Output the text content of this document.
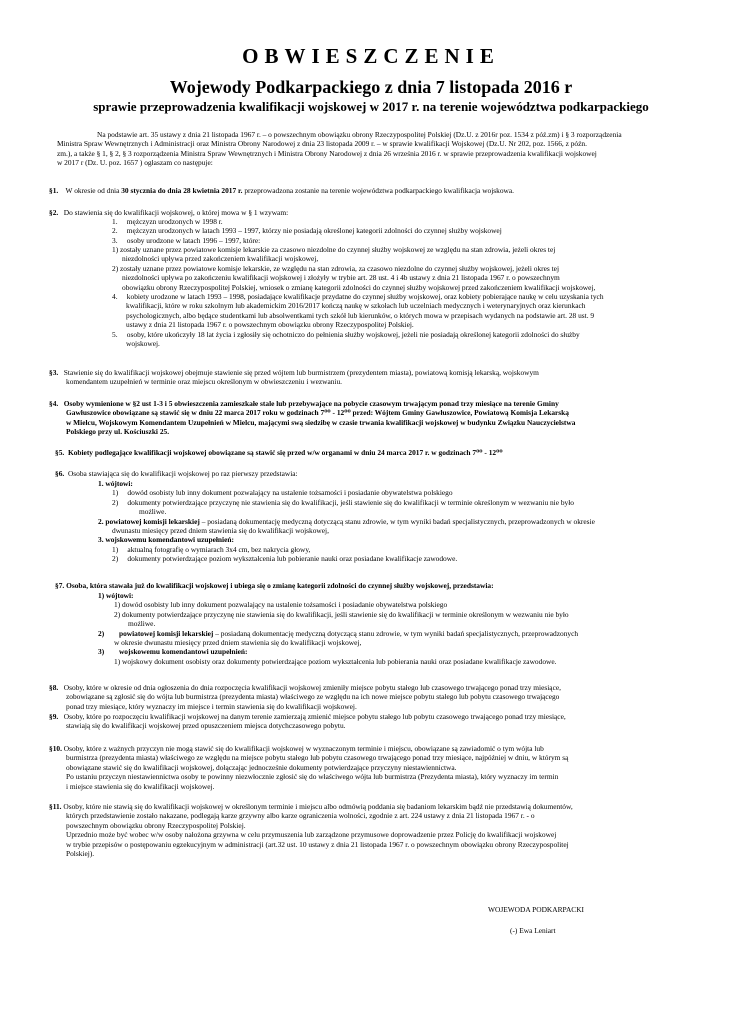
OBWIESZCZENIE
Wojewody Podkarpackiego z dnia 7 listopada 2016 r
sprawie przeprowadzenia kwalifikacji wojskowej w 2017 r. na terenie województwa podkarpackiego
Na podstawie art. 35 ustawy z dnia 21 listopada 1967 r. – o powszechnym obowiązku obrony Rzeczypospolitej Polskiej (Dz.U. z 2016r poz. 1534 z póź.zm) i § 3 rozporządzenia
Ministra Spraw Wewnętrznych i Administracji oraz Ministra Obrony Narodowej z dnia 23 listopada 2009 r. – w sprawie kwalifikacji Wojskowej (Dz.U. Nr 202, poz. 1566, z późn.
zm.), a także § 1, § 2, § 3 rozporządzenia Ministra Spraw Wewnętrznych i Ministra Obrony Narodowej z dnia 26 września 2016 r. w sprawie przeprowadzenia kwalifikacji wojskowej
w 2017 r (Dz. U. poz. 1657 ) ogłaszam co następuje:
§1. W okresie od dnia 30 stycznia do dnia 28 kwietnia 2017 r. przeprowadzona zostanie na terenie województwa podkarpackiego kwalifikacja wojskowa.
§2. Do stawienia się do kwalifikacji wojskowej, o której mowa w § 1 wzywam:
1. mężczyzn urodzonych w 1998 r.
2. mężczyzn urodzonych w latach 1993 – 1997, którzy nie posiadają określonej kategorii zdolności do czynnej służby wojskowej
3. osoby urodzone w latach 1996 – 1997, które:
1) zostały uznane przez powiatowe komisje lekarskie za czasowo niezdolne do czynnej służby wojskowej ze względu na stan zdrowia, jeżeli okres tej
niezdolności upływa przed zakończeniem kwalifikacji wojskowej,
2) zostały uznane przez powiatowe komisje lekarskie, ze względu na stan zdrowia, za czasowo niezdolne do czynnej służby wojskowej, jeżeli okres tej
niezdolności upływa po zakończeniu kwalifikacji wojskowej i złożyły w trybie art. 28 ust. 4 i 4b ustawy z dnia 21 listopada 1967 r. o powszechnym
obowiązku obrony Rzeczypospolitej Polskiej, wniosek o zmianę kategorii zdolności do czynnej służby wojskowej przed zakończeniem kwalifikacji wojskowej,
4. kobiety urodzone w latach 1993 – 1998, posiadające kwalifikacje przydatne do czynnej służby wojskowej, oraz kobiety pobierające naukę w celu uzyskania tych
kwalifikacji, które w roku szkolnym lub akademickim 2016/2017 kończą naukę w szkołach lub uczelniach medycznych i weterynaryjnych oraz kierunkach
psychologicznych, albo będące studentkami lub absolwentkami tych szkół lub kierunków, o których mowa w przepisach wydanych na podstawie art. 28 ust. 9
ustawy z dnia 21 listopada 1967 r. o powszechnym obowiązku obrony Rzeczypospolitej Polskiej.
5. osoby, które ukończyły 18 lat życia i zgłosiły się ochotniczo do pełnienia służby wojskowej, jeżeli nie posiadają określonej kategorii zdolności do służby
wojskowej.
§3. Stawienie się do kwalifikacji wojskowej obejmuje stawienie się przed wójtem lub burmistrzem (prezydentem miasta), powiatową komisją lekarską, wojskowym
komendantem uzupełnień w terminie oraz miejscu określonym w obwieszczeniu i wezwaniu.
§4. Osoby wymienione w §2 ust 1-3 i 5 obwieszczenia zamieszkałe stale lub przebywające na pobycie czasowym trwającym ponad trzy miesiące na terenie Gminy
Gawłuszowice obowiązane są stawić się w dniu 22 marca 2017 roku w godzinach 7⁰⁰ - 12⁰⁰ przed: Wójtem Gminy Gawłuszowice, Powiatową Komisja Lekarską
w Mielcu, Wojskowym Komendantem Uzupełnień w Mielcu, mającymi swą siedzibę w czasie trwania kwalifikacji wojskowej w budynku Związku Nauczycielstwa
Polskiego przy ul. Kościuszki 25.
§5. Kobiety podlegające kwalifikacji wojskowej obowiązane są stawić się przed w/w organami w dniu 24 marca 2017 r. w godzinach 7⁰⁰ - 12⁰⁰
§6. Osoba stawiająca się do kwalifikacji wojskowej po raz pierwszy przedstawia:
1. wójtowi:
1) dowód osobisty lub inny dokument pozwalający na ustalenie tożsamości i posiadanie obywatelstwa polskiego
2) dokumenty potwierdzające przyczynę nie stawienia się do kwalifikacji, jeśli stawienie się do kwalifikacji w terminie określonym w wezwaniu nie było
możliwe.
2. powiatowej komisji lekarskiej – posiadaną dokumentację medyczną dotyczącą stanu zdrowie, w tym wyniki badań specjalistycznych, przeprowadzonych w okresie
dwunastu miesięcy przed dniem stawienia się do kwalifikacji wojskowej,
3. wojskowemu komendantowi uzupełnień:
1) aktualną fotografię o wymiarach 3x4 cm, bez nakrycia głowy,
2) dokumenty potwierdzające poziom wykształcenia lub pobieranie nauki oraz posiadane kwalifikacje zawodowe.
§7. Osoba, która stawała już do kwalifikacji wojskowej i ubiega się o zmianę kategorii zdolności do czynnej służby wojskowej, przedstawia:
1) wójtowi:
1) dowód osobisty lub inny dokument pozwalający na ustalenie tożsamości i posiadanie obywatelstwa polskiego
2) dokumenty potwierdzające przyczynę nie stawienia się do kwalifikacji, jeśli stawienie się do kwalifikacji w terminie określonym w wezwaniu nie było
możliwe.
2) powiatowej komisji lekarskiej – posiadaną dokumentację medyczną dotyczącą stanu zdrowie, w tym wyniki badań specjalistycznych, przeprowadzonych
w okresie dwunastu miesięcy przed dniem stawienia się do kwalifikacji wojskowej,
3) wojskowemu komendantowi uzupełnień:
1) wojskowy dokument osobisty oraz dokumenty potwierdzające poziom wykształcenia lub pobierania nauki oraz posiadane kwalifikacje zawodowe.
§8. Osoby, które w okresie od dnia ogłoszenia do dnia rozpoczęcia kwalifikacji wojskowej zmieniły miejsce pobytu stałego lub czasowego trwającego ponad trzy miesiące,
zobowiązane są zgłosić się do wójta lub burmistrza (prezydenta miasta) właściwego ze względu na ich nowe miejsce pobytu stałego lub pobytu czasowego trwającego
ponad trzy miesiące, który wyznaczy im miejsce i termin stawienia się do kwalifikacji wojskowej.
§9. Osoby, które po rozpoczęciu kwalifikacji wojskowej na danym terenie zamierzają zmienić miejsce pobytu stałego lub pobytu czasowego trwającego ponad trzy miesiące,
stawiają się do kwalifikacji wojskowej przed opuszczeniem miejsca dotychczasowego pobytu.
§10. Osoby, które z ważnych przyczyn nie mogą stawić się do kwalifikacji wojskowej w wyznaczonym terminie i miejscu, obowiązane są zawiadomić o tym wójta lub
burmistrza (prezydenta miasta) właściwego ze względu na miejsce pobytu stałego lub pobytu czasowego trwającego ponad trzy miesiące, najpóźniej w dniu, w którym są
obowiązane stawić się do kwalifikacji wojskowej, dołączając jednocześnie dokumenty potwierdzające przyczyny niestawiennictwa.
Po ustaniu przyczyn niestawiennictwa osoby te powinny niezwłocznie zgłosić się do właściwego wójta lub burmistrza (Prezydenta miasta), który wyznaczy im termin
i miejsce stawienia się do kwalifikacji wojskowej.
§11. Osoby, które nie stawią się do kwalifikacji wojskowej w określonym terminie i miejscu albo odmówią poddania się badaniom lekarskim bądź nie przedstawią dokumentów,
których przedstawienie zostało nakazane, podlegają karze grzywny albo karze ograniczenia wolności, zgodnie z art. 224 ustawy z dnia 21 listopada 1967 r. - o
powszechnym obowiązku obrony Rzeczypospolitej Polskiej.
Uprzednio może być wobec w/w osoby nałożona grzywna w celu przymuszenia lub zarządzone przymusowe doprowadzenie przez Policję do kwalifikacji wojskowej
w trybie przepisów o postępowaniu egzekucyjnym w administracji (art.32 ust. 10 ustawy z dnia 21 listopada 1967 r. o powszechnym obowiązku obrony Rzeczypospolitej
Polskiej).
WOJEWODA PODKARPACKI
(-) Ewa Leniart
